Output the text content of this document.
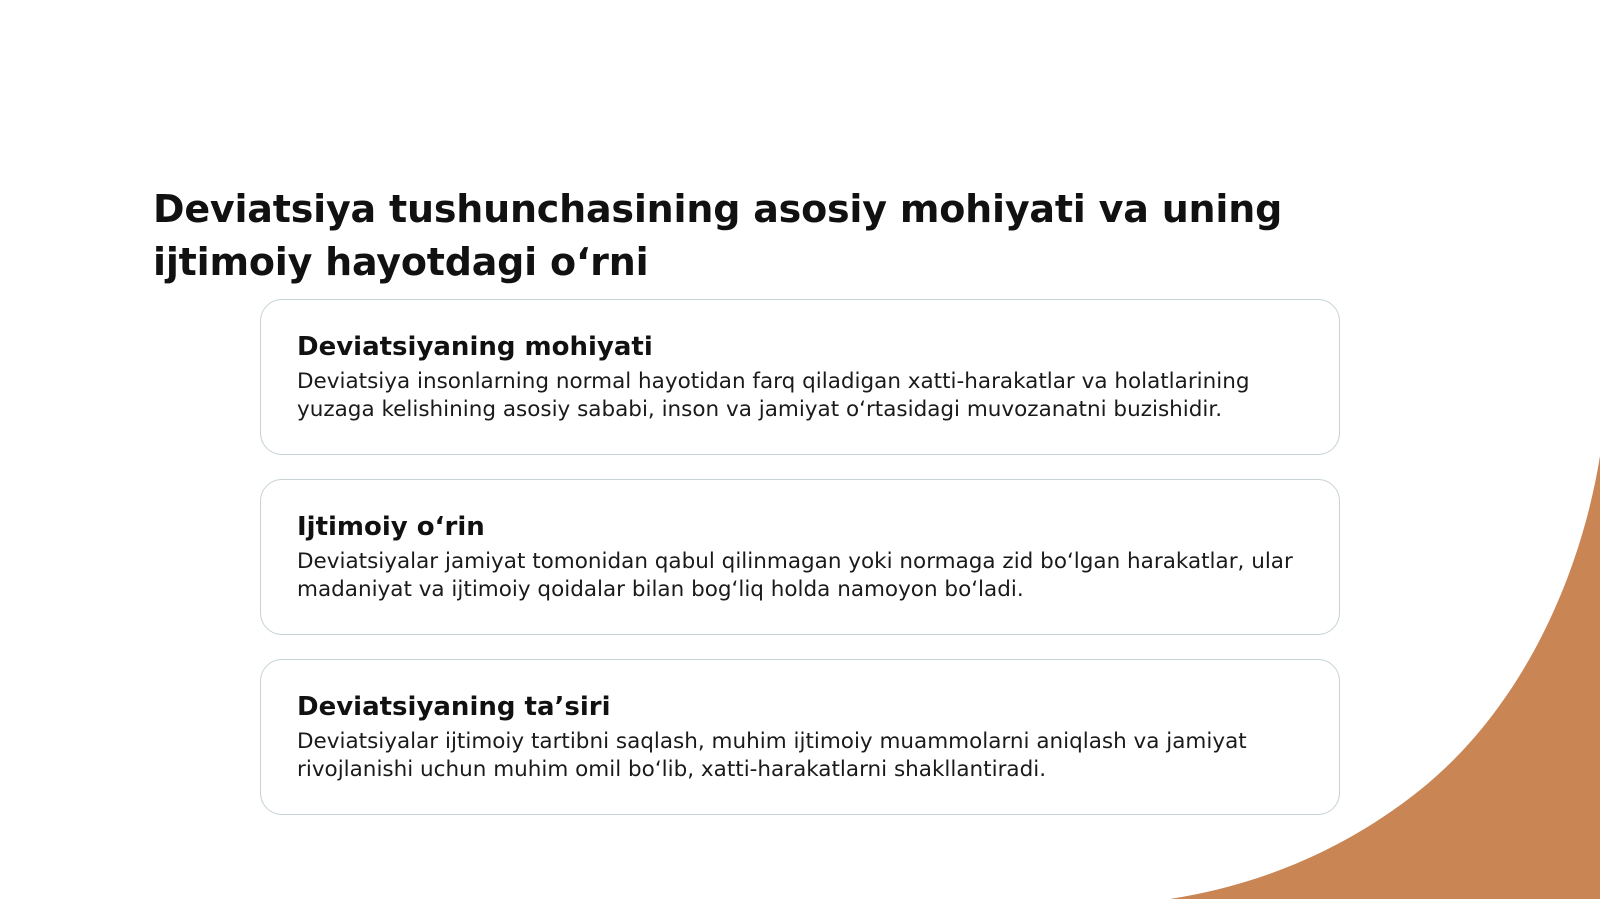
Deviatsiya tushunchasining asosiy mohiyati va uning ijtimoiy hayotdagi o‘rni
Deviatsiyaning mohiyati

Deviatsiya insonlarning normal hayotidan farq qiladigan xatti-harakatlar va holatlarining yuzaga kelishining asosiy sababi, inson va jamiyat o‘rtasidagi muvozanatni buzishidir.

Ijtimoiy o‘rin

Deviatsiyalar jamiyat tomonidan qabul qilinmagan yoki normaga zid bo‘lgan harakatlar, ular madaniyat va ijtimoiy qoidalar bilan bog‘liq holda namoyon bo‘ladi.

Deviatsiyaning ta’siri

Deviatsiyalar ijtimoiy tartibni saqlash, muhim ijtimoiy muammolarni aniqlash va jamiyat rivojlanishi uchun muhim omil bo‘lib, xatti-harakatlarni shakllantiradi.
